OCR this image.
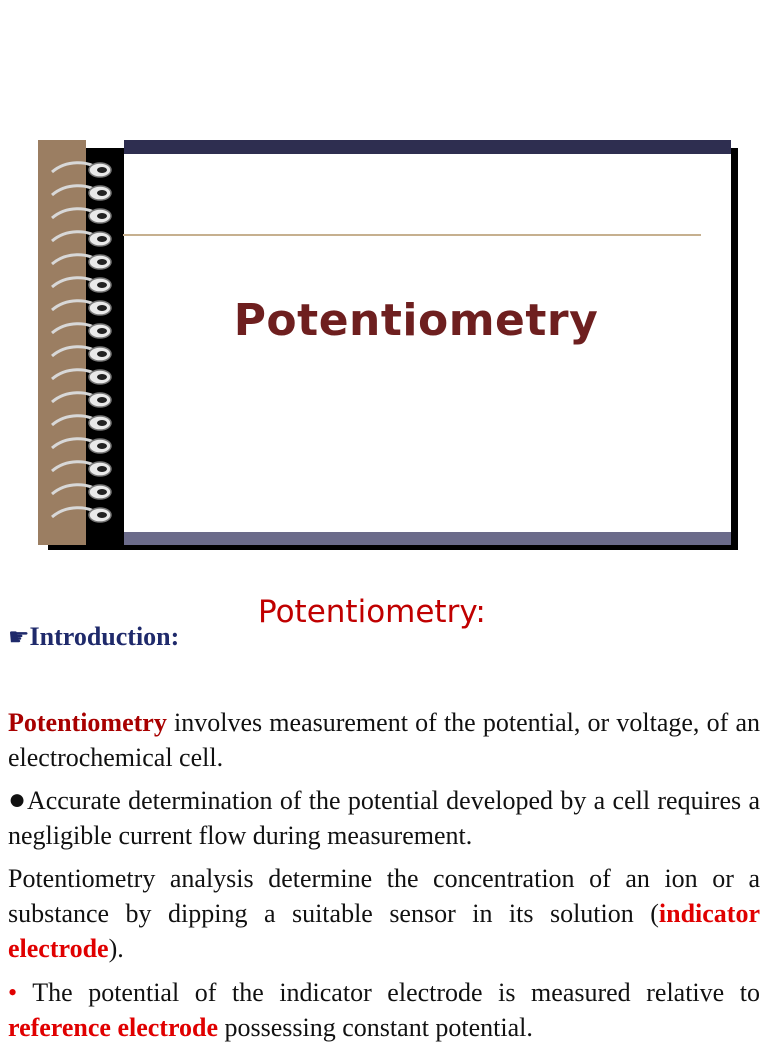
Potentiometry
Potentiometry:
☛Introduction:
Potentiometry involves measurement of the potential, or voltage, of an electrochemical cell.
●Accurate determination of the potential developed by a cell requires a negligible current flow during measurement.
Potentiometry analysis determine the concentration of an ion or a substance by dipping a suitable sensor in its solution (indicator electrode).
• The potential of the indicator electrode is measured relative to reference electrode possessing constant potential.
